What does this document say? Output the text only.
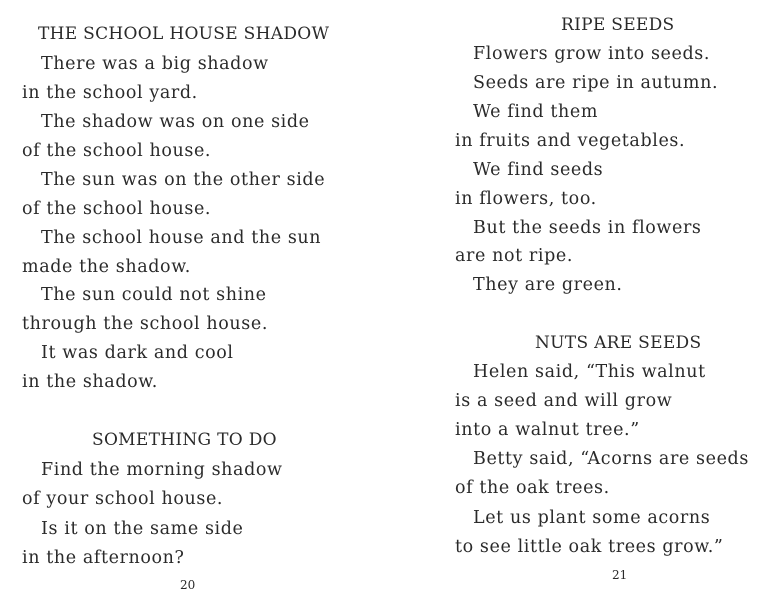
THE SCHOOL HOUSE SHADOW
There was a big shadow
in the school yard.
The shadow was on one side
of the school house.
The sun was on the other side
of the school house.
The school house and the sun
made the shadow.
The sun could not shine
through the school house.
It was dark and cool
in the shadow.
SOMETHING TO DO
Find the morning shadow
of your school house.
Is it on the same side
in the afternoon?
20
RIPE SEEDS
Flowers grow into seeds.
Seeds are ripe in autumn.
We find them
in fruits and vegetables.
We find seeds
in flowers, too.
But the seeds in flowers
are not ripe.
They are green.
NUTS ARE SEEDS
Helen said, “This walnut
is a seed and will grow
into a walnut tree.”
Betty said, “Acorns are seeds
of the oak trees.
Let us plant some acorns
to see little oak trees grow.”
21
